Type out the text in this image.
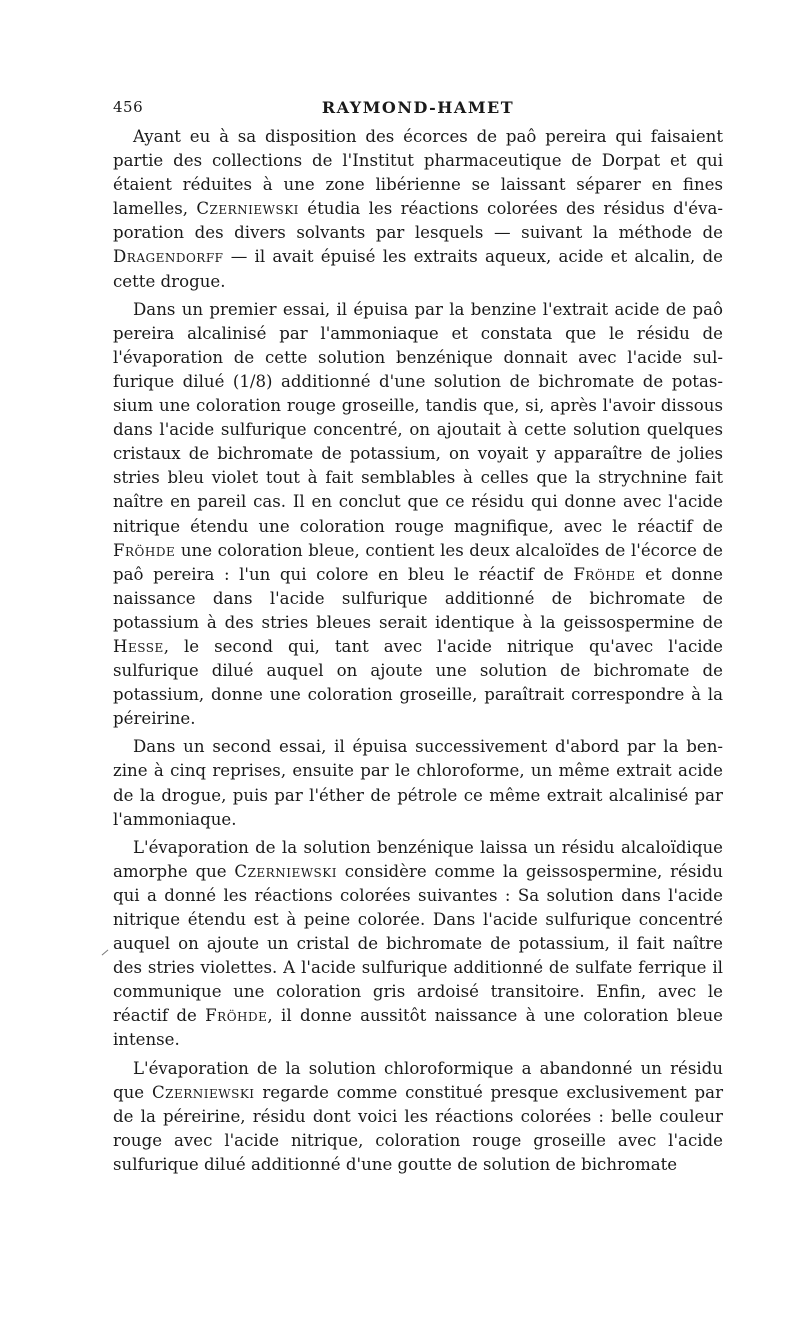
456	RAYMOND-HAMET

Ayant eu à sa disposition des écorces de paô pereira qui faisaient partie des collections de l'Institut pharmaceutique de Dorpat et qui étaient réduites à une zone libérienne se laissant séparer en fines lamelles, Czerniewski étudia les réactions colorées des résidus d'évaporation des divers solvants par lesquels — suivant la méthode de Dragendorff — il avait épuisé les extraits aqueux, acide et alcalin, de cette drogue.

Dans un premier essai, il épuisa par la benzine l'extrait acide de paô pereira alcalinisé par l'ammoniaque et constata que le résidu de l'évaporation de cette solution benzénique donnait avec l'acide sulfurique dilué (1/8) additionné d'une solution de bichromate de potassium une coloration rouge groseille, tandis que, si, après l'avoir dissous dans l'acide sulfurique concentré, on ajoutait à cette solution quelques cristaux de bichromate de potassium, on voyait y apparaître de jolies stries bleu violet tout à fait semblables à celles que la strychnine fait naître en pareil cas. Il en conclut que ce résidu qui donne avec l'acide nitrique étendu une coloration rouge magnifique, avec le réactif de Fröhde une coloration bleue, contient les deux alcaloïdes de l'écorce de paô pereira : l'un qui colore en bleu le réactif de Fröhde et donne naissance dans l'acide sulfurique additionné de bichromate de potassium à des stries bleues serait identique à la geissospermine de Hesse, le second qui, tant avec l'acide nitrique qu'avec l'acide sulfurique dilué auquel on ajoute une solution de bichromate de potassium, donne une coloration groseille, paraîtrait correspondre à la péreirine.

Dans un second essai, il épuisa successivement d'abord par la benzine à cinq reprises, ensuite par le chloroforme, un même extrait acide de la drogue, puis par l'éther de pétrole ce même extrait alcalinisé par l'ammoniaque.

L'évaporation de la solution benzénique laissa un résidu alcaloïdique amorphe que Czerniewski considère comme la geissospermine, résidu qui a donné les réactions colorées suivantes : Sa solution dans l'acide nitrique étendu est à peine colorée. Dans l'acide sulfurique concentré auquel on ajoute un cristal de bichromate de potassium, il fait naître des stries violettes. A l'acide sulfurique additionné de sulfate ferrique il communique une coloration gris ardoisé transitoire. Enfin, avec le réactif de Fröhde, il donne aussitôt naissance à une coloration bleue intense.

L'évaporation de la solution chloroformique a abandonné un résidu que Czerniewski regarde comme constitué presque exclusivement par de la péreirine, résidu dont voici les réactions colorées : belle couleur rouge avec l'acide nitrique, coloration rouge groseille avec l'acide sulfurique dilué additionné d'une goutte de solution de bichromate
